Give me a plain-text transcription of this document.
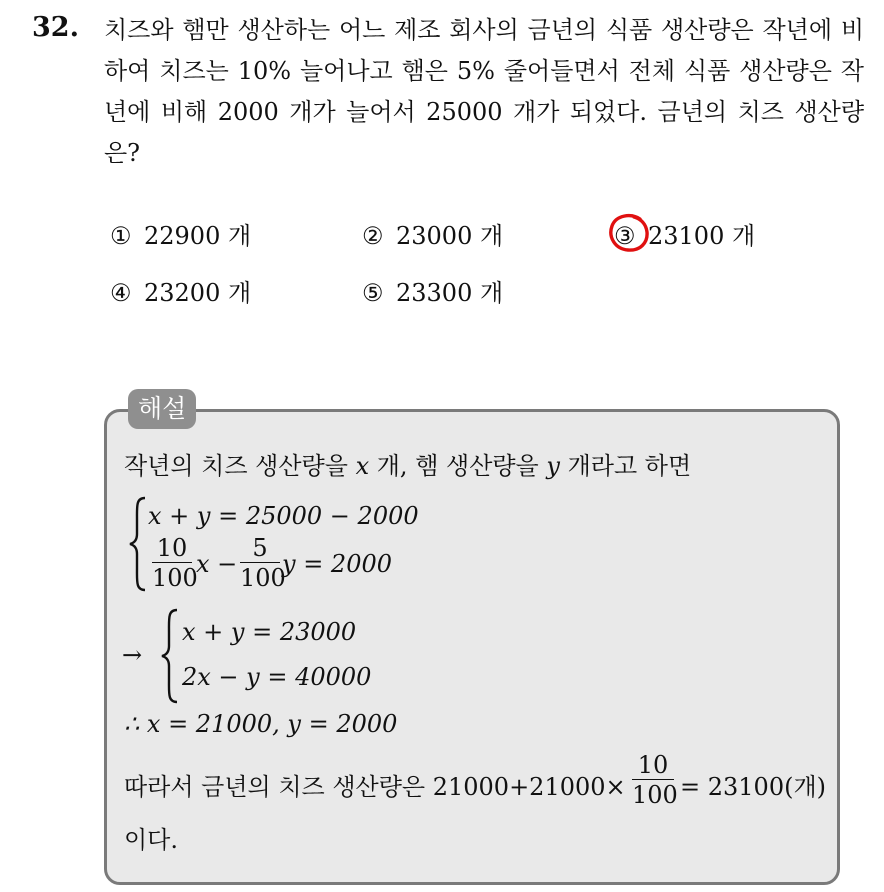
32. 치즈와 햄만 생산하는 어느 제조 회사의 금년의 식품 생산량은 작년에 비하여 치즈는 10% 늘어나고 햄은 5% 줄어들면서 전체 식품 생산량은 작년에 비해 2000 개가 늘어서 25000 개가 되었다. 금년의 치즈 생산량은?
① 22900 개	② 23000 개	③ 23100 개
④ 23200 개	⑤ 23300 개
해설
작년의 치즈 생산량을 x 개, 햄 생산량을 y 개라고 하면
x + y = 25000 − 2000
10
100
x −
5
100
y = 2000
→
x + y = 23000
2x − y = 40000
∴ x = 21000, y = 2000
따라서 금년의 치즈 생산량은 21000+21000×
10
100 = 23100(개)
이다.
